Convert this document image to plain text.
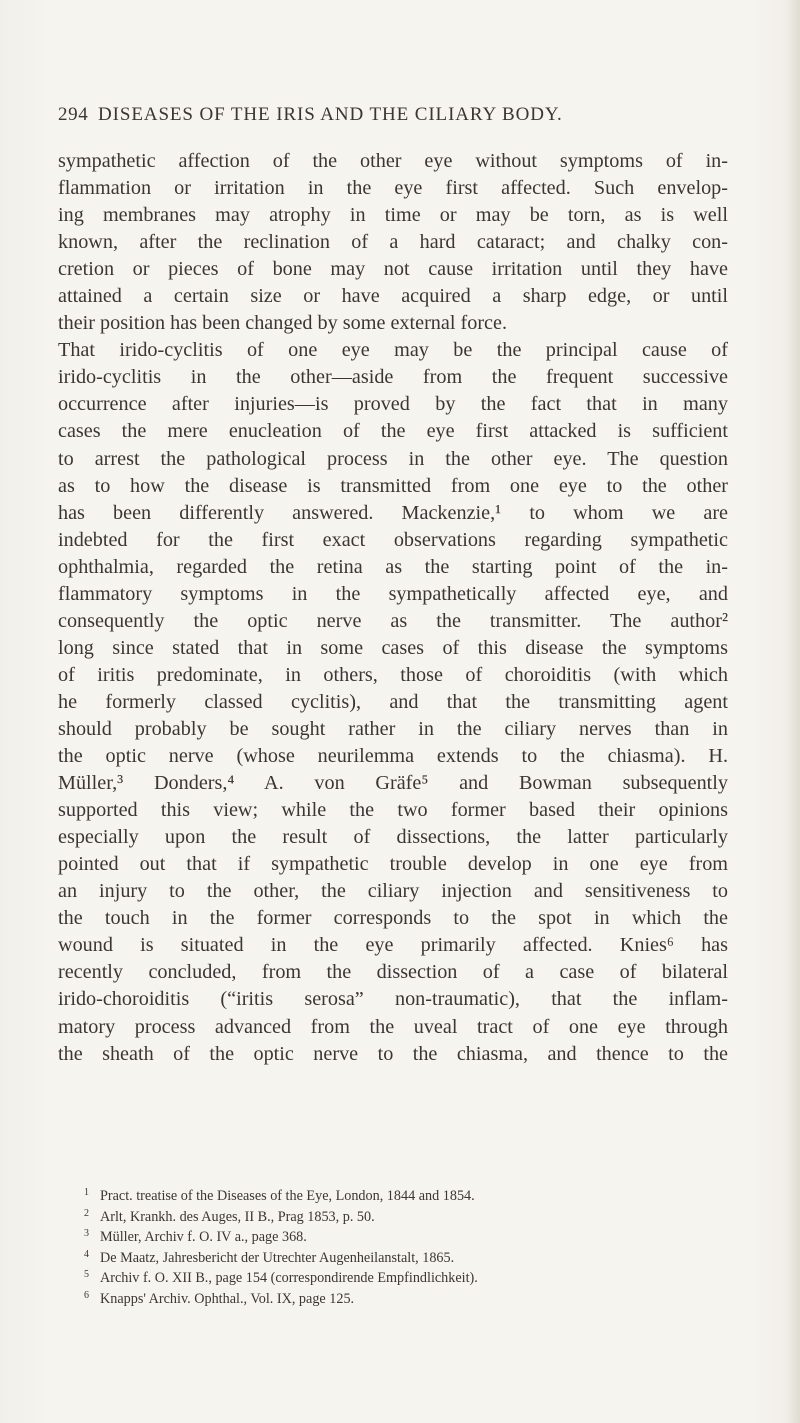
294 DISEASES OF THE IRIS AND THE CILIARY BODY.
sympathetic affection of the other eye without symptoms of in-
flammation or irritation in the eye first affected. Such envelop-
ing membranes may atrophy in time or may be torn, as is well
known, after the reclination of a hard cataract; and chalky con-
cretion or pieces of bone may not cause irritation until they have
attained a certain size or have acquired a sharp edge, or until
their position has been changed by some external force.
That irido-cyclitis of one eye may be the principal cause of
irido-cyclitis in the other—aside from the frequent successive
occurrence after injuries—is proved by the fact that in many
cases the mere enucleation of the eye first attacked is sufficient
to arrest the pathological process in the other eye. The question
as to how the disease is transmitted from one eye to the other
has been differently answered. Mackenzie,¹ to whom we are
indebted for the first exact observations regarding sympathetic
ophthalmia, regarded the retina as the starting point of the in-
flammatory symptoms in the sympathetically affected eye, and
consequently the optic nerve as the transmitter. The author²
long since stated that in some cases of this disease the symptoms
of iritis predominate, in others, those of choroiditis (with which
he formerly classed cyclitis), and that the transmitting agent
should probably be sought rather in the ciliary nerves than in
the optic nerve (whose neurilemma extends to the chiasma). H.
Müller,³ Donders,⁴ A. von Gräfe⁵ and Bowman subsequently
supported this view; while the two former based their opinions
especially upon the result of dissections, the latter particularly
pointed out that if sympathetic trouble develop in one eye from
an injury to the other, the ciliary injection and sensitiveness to
the touch in the former corresponds to the spot in which the
wound is situated in the eye primarily affected. Knies⁶ has
recently concluded, from the dissection of a case of bilateral
irido-choroiditis (“iritis serosa” non-traumatic), that the inflam-
matory process advanced from the uveal tract of one eye through
the sheath of the optic nerve to the chiasma, and thence to the
1 Pract. treatise of the Diseases of the Eye, London, 1844 and 1854.
2 Arlt, Krankh. des Auges, II B., Prag 1853, p. 50.
3 Müller, Archiv f. O. IV a., page 368.
4 De Maatz, Jahresbericht der Utrechter Augenheilanstalt, 1865.
5 Archiv f. O. XII B., page 154 (correspondirende Empfindlichkeit).
6 Knapps' Archiv. Ophthal., Vol. IX, page 125.
